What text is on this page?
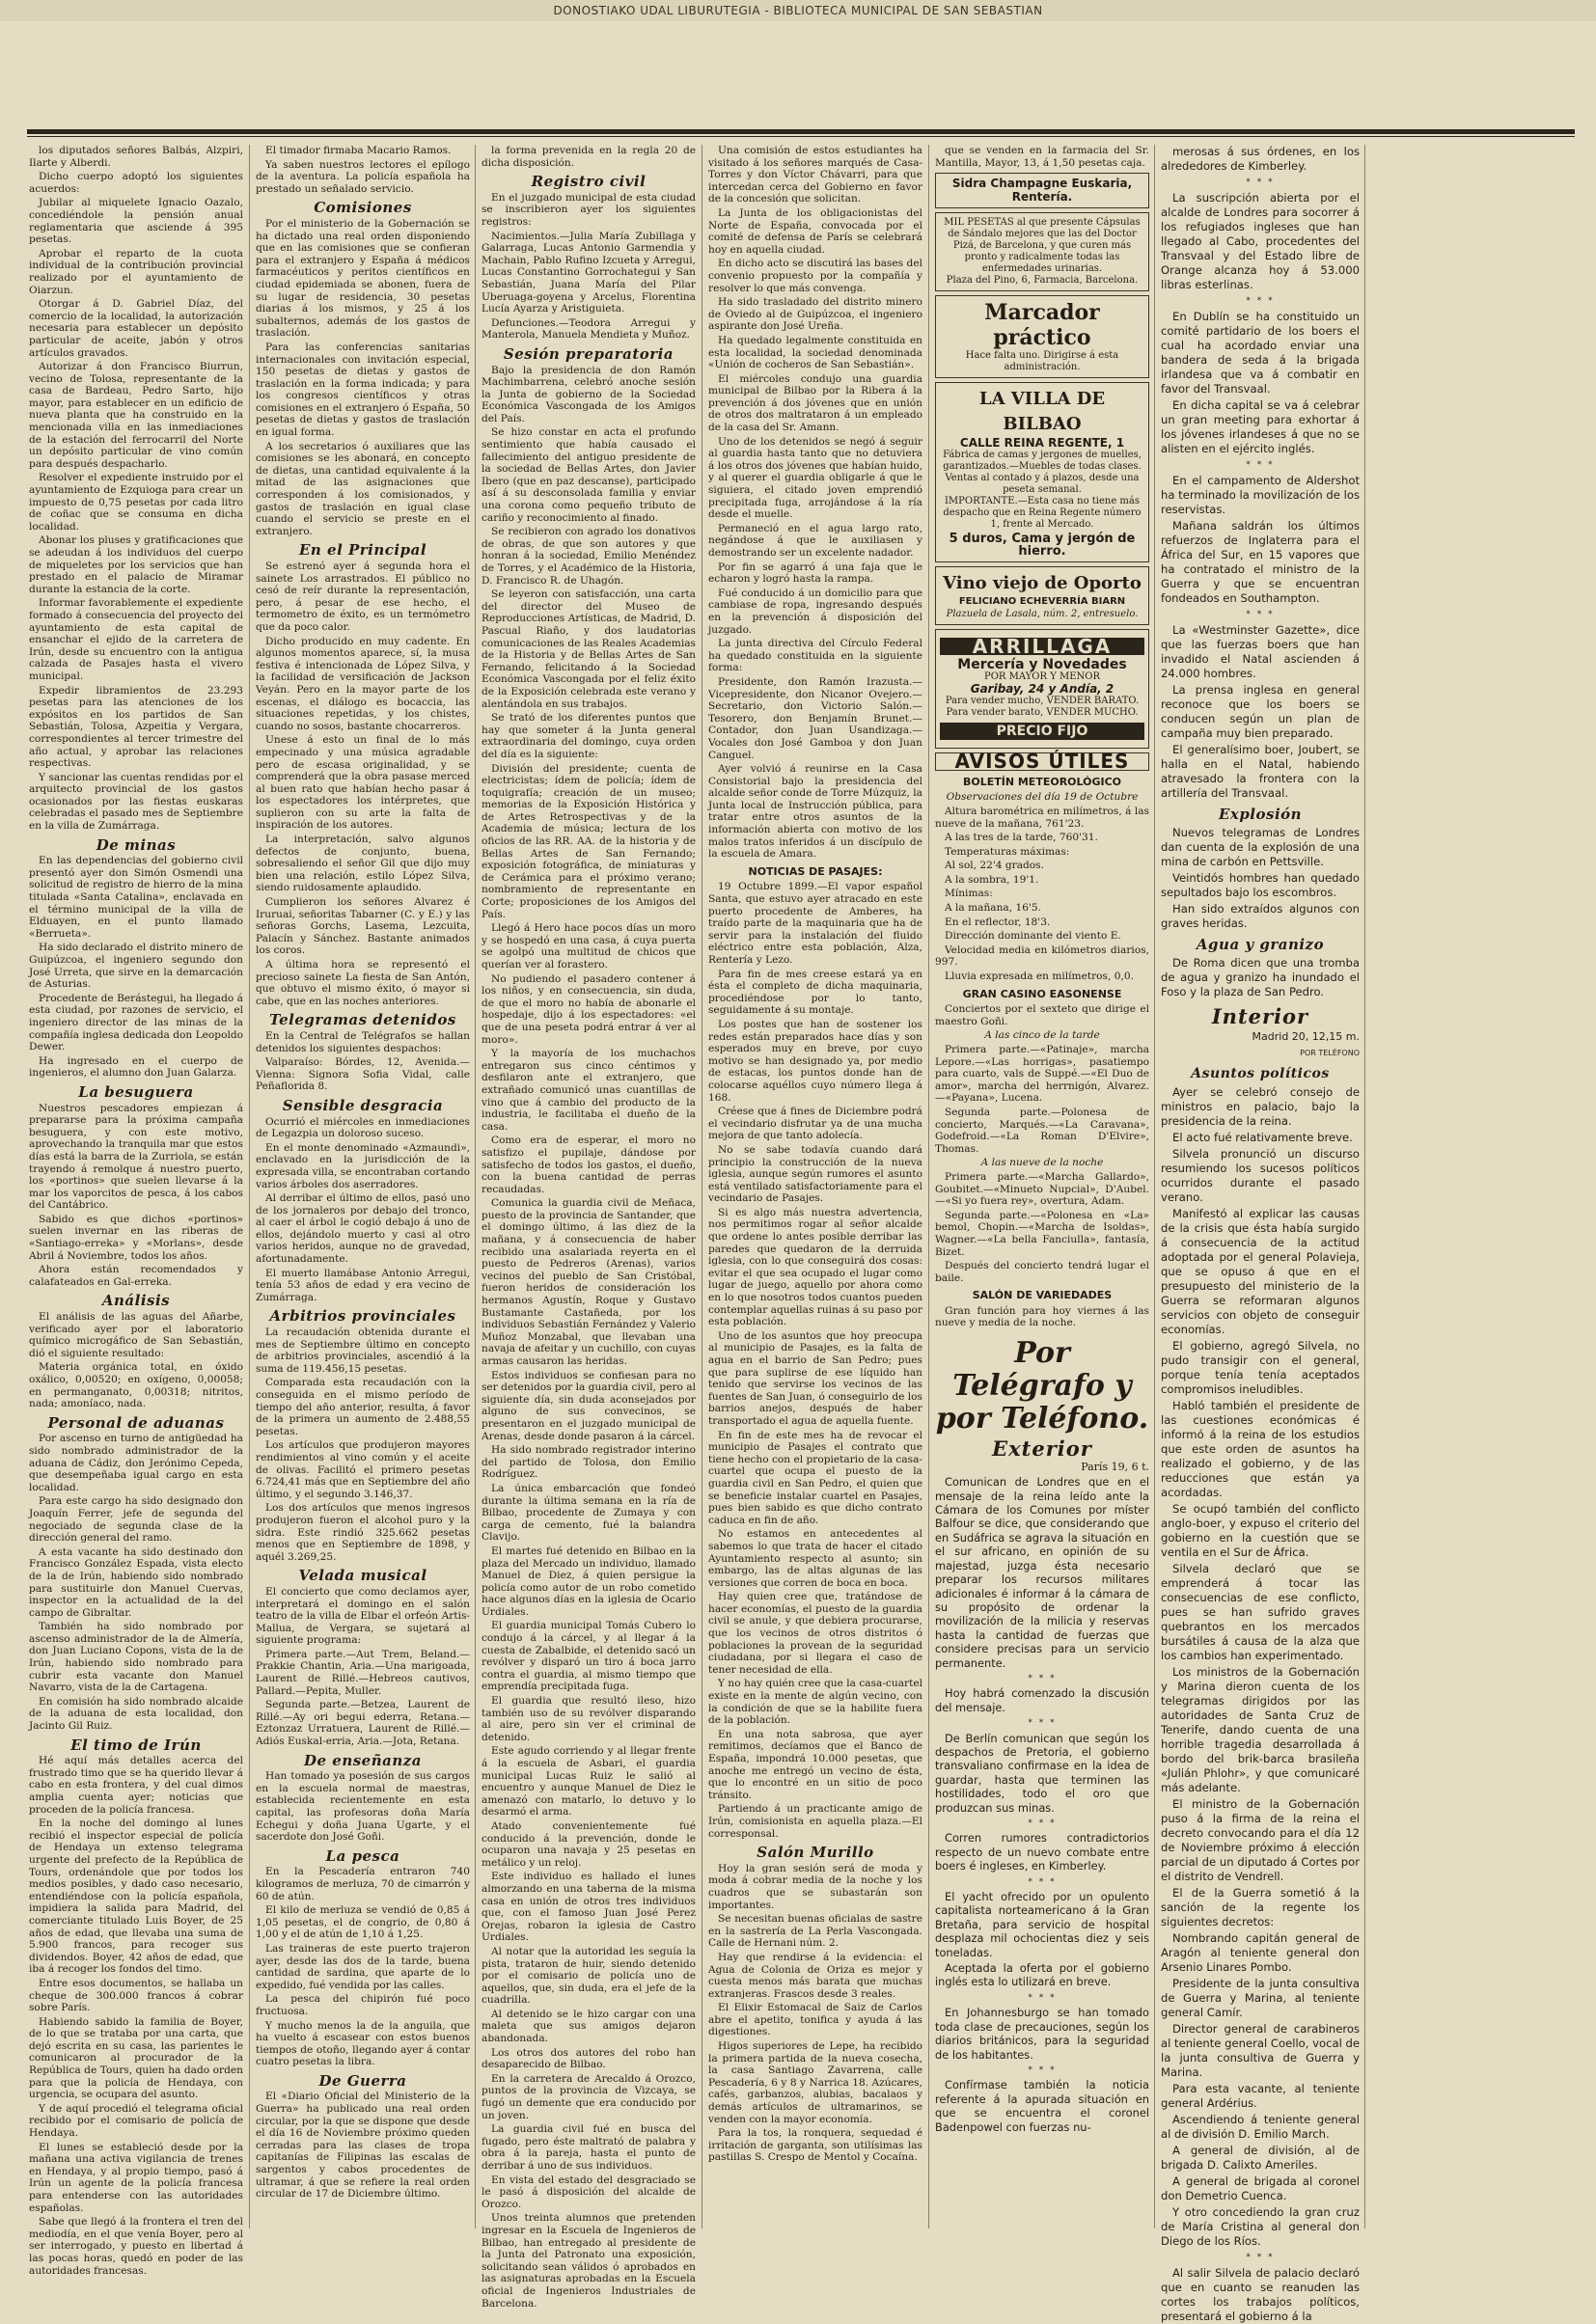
DONOSTIAKO UDAL LIBURUTEGIA - BIBLIOTECA MUNICIPAL DE SAN SEBASTIAN

los diputados señores Balbás, Alzpiri, Ilarte y Alberdi.

Dicho cuerpo adoptó los siguientes acuerdos:

Jubilar al miquelete Ignacio Oazalo, concediéndole la pensión anual reglamentaria que asciende á 395 pesetas.

Aprobar el reparto de la cuota individual de la contribución provincial realizado por el ayuntamiento de Oiarzun.

Otorgar á D. Gabriel Díaz, del comercio de la localidad, la autorización necesaria para establecer un depósito particular de aceite, jabón y otros artículos gravados.

Autorizar á don Francisco Biurrun, vecino de Tolosa, representante de la casa de Bardeau, Pedro Sarto, hijo mayor, para establecer en un edificio de nueva planta que ha construido en la mencionada villa en las inmediaciones de la estación del ferrocarril del Norte un depósito particular de vino común para después despacharlo.

Resolver el expediente instruido por el ayuntamiento de Ezquioga para crear un impuesto de 0,75 pesetas por cada litro de coñac que se consuma en dicha localidad.

Abonar los pluses y gratificaciones que se adeudan á los individuos del cuerpo de miqueletes por los servicios que han prestado en el palacio de Miramar durante la estancia de la corte.

Informar favorablemente el expediente formado á consecuencia del proyecto del ayuntamiento de esta capital de ensanchar el ejido de la carretera de Irún, desde su encuentro con la antigua calzada de Pasajes hasta el vivero municipal.

Expedir libramientos de 23.293 pesetas para las atenciones de los expósitos en los partidos de San Sebastián, Tolosa, Azpeitia y Vergara, correspondientes al tercer trimestre del año actual, y aprobar las relaciones respectivas.

Y sancionar las cuentas rendidas por el arquitecto provincial de los gastos ocasionados por las fiestas euskaras celebradas el pasado mes de Septiembre en la villa de Zumárraga.

De minas

En las dependencias del gobierno civil presentó ayer don Simón Osmendi una solicitud de registro de hierro de la mina titulada «Santa Catalina», enclavada en el término municipal de la villa de Elduayen, en el punto llamado «Berrueta».

Ha sido declarado el distrito minero de Guipúzcoa, el ingeniero segundo don José Urreta, que sirve en la demarcación de Asturias.

Procedente de Berástegui, ha llegado á esta ciudad, por razones de servicio, el ingeniero director de las minas de la compañía inglesa dedicada don Leopoldo Dewer.

Ha ingresado en el cuerpo de ingenieros, el alumno don Juan Galarza.

La besuguera

Nuestros pescadores empiezan á prepararse para la próxima campaña besuguera, y con este motivo, aprovechando la tranquila mar que estos días está la barra de la Zurriola, se están trayendo á remolque á nuestro puerto, los «portinos» que suelen llevarse á la mar los vaporcitos de pesca, á los cabos del Cantábrico.

Sabido es que dichos «portinos» suelen invernar en las riberas de «Santiago-erreka» y «Morlans», desde Abril á Noviembre, todos los años.

Ahora están recomendados y calafateados en Gal-erreka.

Análisis

El análisis de las aguas del Añarbe, verificado ayer por el laboratorio químico microgáfico de San Sebastián, dió el siguiente resultado:

Materia orgánica total, en óxido oxálico, 0,00520; en oxígeno, 0,00058; en permanganato, 0,00318; nitritos, nada; amoníaco, nada.

Personal de aduanas

Por ascenso en turno de antigüedad ha sido nombrado administrador de la aduana de Cádiz, don Jerónimo Cepeda, que desempeñaba igual cargo en esta localidad.

Para este cargo ha sido designado don Joaquín Ferrer, jefe de segunda del negociado de segunda clase de la dirección general del ramo.

A esta vacante ha sido destinado don Francisco González Espada, vista electo de la de Irún, habiendo sido nombrado para sustituirle don Manuel Cuervas, inspector en la actualidad de la del campo de Gibraltar.

También ha sido nombrado por ascenso administrador de la de Almería, don Juan Luciano Copons, vista de la de Irún, habiendo sido nombrado para cubrir esta vacante don Manuel Navarro, vista de la de Cartagena.

En comisión ha sido nombrado alcaide de la aduana de esta localidad, don Jacinto Gil Ruiz.

El timo de Irún

Hé aquí más detalles acerca del frustrado timo que se ha querido llevar á cabo en esta frontera, y del cual dimos amplia cuenta ayer; noticias que proceden de la policía francesa.

En la noche del domingo al lunes recibió el inspector especial de policía de Hendaya un extenso telegrama urgente del prefecto de la República de Tours, ordenándole que por todos los medios posibles, y dado caso necesario, entendiéndose con la policía española, impidiera la salida para Madrid, del comerciante titulado Luis Boyer, de 25 años de edad, que llevaba una suma de 5.900 francos, para recoger sus dividendos. Boyer, 42 años de edad, que iba á recoger los fondos del timo.

Entre esos documentos, se hallaba un cheque de 300.000 francos á cobrar sobre París.

Habiendo sabido la familia de Boyer, de lo que se trataba por una carta, que dejó escrita en su casa, las parientes le comunicaron al procurador de la República de Tours, quien ha dado orden para que la policía de Hendaya, con urgencia, se ocupara del asunto.

Y de aquí procedió el telegrama oficial recibido por el comisario de policía de Hendaya.

El lunes se estableció desde por la mañana una activa vigilancia de trenes en Hendaya, y al propio tiempo, pasó á Irún un agente de la policía francesa para entenderse con las autoridades españolas.

Sabe que llegó á la frontera el tren del mediodía, en el que venía Boyer, pero al ser interrogado, y puesto en libertad á las pocas horas, quedó en poder de las autoridades francesas.

El timador firmaba Macario Ramos.

Ya saben nuestros lectores el epílogo de la aventura. La policía española ha prestado un señalado servicio.

Comisiones

Por el ministerio de la Gobernación se ha dictado una real orden disponiendo que en las comisiones que se confieran para el extranjero y España á médicos farmacéuticos y peritos científicos en ciudad epidemiada se abonen, fuera de su lugar de residencia, 30 pesetas diarias á los mismos, y 25 á los subalternos, además de los gastos de traslación.

Para las conferencias sanitarias internacionales con invitación especial, 150 pesetas de dietas y gastos de traslación en la forma indicada; y para los congresos científicos y otras comisiones en el extranjero ó España, 50 pesetas de dietas y gastos de traslación en igual forma.

A los secretarios ó auxiliares que las comisiones se les abonará, en concepto de dietas, una cantidad equivalente á la mitad de las asignaciones que corresponden á los comisionados, y gastos de traslación en igual clase cuando el servicio se preste en el extranjero.

En el Principal

Se estrenó ayer á segunda hora el sainete Los arrastrados. El público no cesó de reír durante la representación, pero, á pesar de ese hecho, el termometro de éxito, es un termómetro que da poco calor.

Dicho producido en muy cadente. En algunos momentos aparece, sí, la musa festiva é intencionada de López Silva, y la facilidad de versificación de Jackson Veyán. Pero en la mayor parte de los escenas, el diálogo es bocaccia, las situaciones repetidas, y los chistes, cuando no sosos, bastante chocarreros.

Unese á esto un final de lo más empecinado y una música agradable pero de escasa originalidad, y se comprenderá que la obra pasase merced al buen rato que habían hecho pasar á los espectadores los intérpretes, que suplieron con su arte la falta de inspiración de los autores.

La interpretación, salvo algunos defectos de conjunto, buena, sobresaliendo el señor Gil que dijo muy bien una relación, estilo López Silva, siendo ruidosamente aplaudido.

Cumplieron los señores Alvarez é Iruruai, señoritas Tabarner (C. y E.) y las señoras Gorchs, Lasema, Lezcuita, Palacín y Sánchez. Bastante animados los coros.

A última hora se representó el precioso sainete La fiesta de San Antón, que obtuvo el mismo éxito, ó mayor si cabe, que en las noches anteriores.

Telegramas detenidos

En la Central de Telégrafos se hallan detenidos los siguientes despachos:

Valparaíso: Bórdes, 12, Avenida.—Vienna: Signora Sofia Vidal, calle Peñaflorida 8.

Sensible desgracia

Ocurrió el miércoles en inmediaciones de Legazpia un doloroso suceso.

En el monte denominado «Azmaundi», enclavado en la jurisdicción de la expresada villa, se encontraban cortando varios árboles dos aserradores.

Al derribar el último de ellos, pasó uno de los jornaleros por debajo del tronco, al caer el árbol le cogió debajo á uno de ellos, dejándolo muerto y casi al otro varios heridos, aunque no de gravedad, afortunadamente.

El muerto llamábase Antonio Arregui, tenía 53 años de edad y era vecino de Zumárraga.

Arbitrios provinciales

La recaudación obtenida durante el mes de Septiembre último en concepto de arbitrios provinciales, ascendió á la suma de 119.456,15 pesetas.

Comparada esta recaudación con la conseguida en el mismo período de tiempo del año anterior, resulta, á favor de la primera un aumento de 2.488,55 pesetas.

Los artículos que produjeron mayores rendimientos al vino común y el aceite de olivas. Facilitó el primero pesetas 6.724,41 más que en Septiembre del año último, y el segundo 3.146,37.

Los dos artículos que menos ingresos produjeron fueron el alcohol puro y la sidra. Este rindió 325.662 pesetas menos que en Septiembre de 1898, y aquél 3.269,25.

Velada musical

El concierto que como declamos ayer, interpretará el domingo en el salón teatro de la villa de Elbar el orfeón Artis-Mallua, de Vergara, se sujetará al siguiente programa:

Primera parte.—Aut Trem, Beland.—Prakkie Chantin, Aria.—Una marigoada, Laurent de Rillé.—Hebreos cautivos, Pallard.—Pepita, Muller.

Segunda parte.—Betzea, Laurent de Rillé.—Ay ori begui ederra, Retana.—Eztonzaz Urratuera, Laurent de Rillé.—Adiós Euskal-erria, Aria.—Jota, Retana.

De enseñanza

Han tomado ya posesión de sus cargos en la escuela normal de maestras, establecida recientemente en esta capital, las profesoras doña María Echegui y doña Juana Ugarte, y el sacerdote don José Goñi.

La pesca

En la Pescadería entraron 740 kilogramos de merluza, 70 de cimarrón y 60 de atún.

El kilo de merluza se vendió de 0,85 á 1,05 pesetas, el de congrio, de 0,80 á 1,00 y el de atún de 1,10 á 1,25.

Las traineras de este puerto trajeron ayer, desde las dos de la tarde, buena cantidad de sardina, que aparte de lo expedido, fué vendida por las calles.

La pesca del chipirón fué poco fructuosa.

Y mucho menos la de la anguila, que ha vuelto á escasear con estos buenos tiempos de otoño, llegando ayer á contar cuatro pesetas la libra.

De Guerra

El «Diario Oficial del Ministerio de la Guerra» ha publicado una real orden circular, por la que se dispone que desde el día 16 de Noviembre próximo queden cerradas para las clases de tropa capitanías de Filipinas las escalas de sargentos y cabos procedentes de ultramar, á que se refiere la real orden circular de 17 de Diciembre último.

la forma prevenida en la regla 20 de dicha disposición.

Registro civil

En el juzgado municipal de esta ciudad se inscribieron ayer los siguientes registros:

Nacimientos.—Julia María Zubillaga y Galarraga, Lucas Antonio Garmendia y Machain, Pablo Rufino Izcueta y Arregui, Lucas Constantino Gorrochategui y San Sebastián, Juana María del Pilar Uberuaga-goyena y Arcelus, Florentina Lucía Ayarza y Aristiguieta.

Defunciones.—Teodora Arregui y Manterola, Manuela Mendieta y Muñoz.

Sesión preparatoria

Bajo la presidencia de don Ramón Machimbarrena, celebró anoche sesión la Junta de gobierno de la Sociedad Económica Vascongada de los Amigos del País.

Se hizo constar en acta el profundo sentimiento que había causado el fallecimiento del antiguo presidente de la sociedad de Bellas Artes, don Javier Ibero (que en paz descanse), participado así á su desconsolada familia y enviar una corona como pequeño tributo de cariño y reconocimiento al finado.

Se recibieron con agrado los donativos de obras, de que son autores y que honran á la sociedad, Emilio Menéndez de Torres, y el Académico de la Historia, D. Francisco R. de Uhagón.

Se leyeron con satisfacción, una carta del director del Museo de Reproducciones Artísticas, de Madrid, D. Pascual Riaño, y dos laudatorias comunicaciones de las Reales Academias de la Historia y de Bellas Artes de San Fernando, felicitando á la Sociedad Económica Vascongada por el feliz éxito de la Exposición celebrada este verano y alentándola en sus trabajos.

Se trató de los diferentes puntos que hay que someter á la Junta general extraordinaria del domingo, cuya orden del día es la siguiente:

División del presidente; cuenta de electricistas; ídem de policía; ídem de toquigrafía; creación de un museo; memorias de la Exposición Histórica y de Artes Retrospectivas y de la Academia de música; lectura de los oficios de las RR. AA. de la historia y de Bellas Artes de San Fernando; exposición fotográfica, de miniaturas y de Cerámica para el próximo verano; nombramiento de representante en Corte; proposiciones de los Amigos del País.

Llegó á Hero hace pocos días un moro y se hospedó en una casa, á cuya puerta se agolpó una multitud de chicos que querían ver al forastero.

No pudiendo el pasadero contener á los niños, y en consecuencia, sin duda, de que el moro no había de abonarle el hospedaje, dijo á los espectadores: «el que de una peseta podrá entrar á ver al moro».

Y la mayoría de los muchachos entregaron sus cinco céntimos y desfilaron ante el extranjero, que extrañado comunicó unas cuantillas de vino que á cambio del producto de la industria, le facilitaba el dueño de la casa.

Como era de esperar, el moro no satisfizo el pupilaje, dándose por satisfecho de todos los gastos, el dueño, con la buena cantidad de perras recaudadas.

Comunica la guardia civil de Meñaca, puesto de la provincia de Santander, que el domingo último, á las diez de la mañana, y á consecuencia de haber recibido una asalariada reyerta en el puesto de Pedreros (Arenas), varios vecinos del pueblo de San Cristóbal, fueron heridos de consideración los hermanos Agustín, Roque y Gustavo Bustamante Castañeda, por los individuos Sebastián Fernández y Valerio Muñoz Monzabal, que llevaban una navaja de afeitar y un cuchillo, con cuyas armas causaron las heridas.

Estos individuos se confiesan para no ser detenidos por la guardia civil, pero al siguiente día, sin duda aconsejados por alguno de sus convecinos, se presentaron en el juzgado municipal de Arenas, desde donde pasaron á la cárcel.

Ha sido nombrado registrador interino del partido de Tolosa, don Emilio Rodríguez.

La única embarcación que fondeó durante la última semana en la ría de Bilbao, procedente de Zumaya y con carga de cemento, fué la balandra Clavijo.

El martes fué detenido en Bilbao en la plaza del Mercado un individuo, llamado Manuel de Diez, á quien persigue la policía como autor de un robo cometido hace algunos días en la iglesia de Ocario Urdiales.

El guardia municipal Tomás Cubero lo condujo á la cárcel, y al llegar á la cuesta de Zabalbide, el detenido sacó un revólver y disparó un tiro á boca jarro contra el guardia, al mismo tiempo que emprendía precipitada fuga.

El guardia que resultó ileso, hizo también uso de su revólver disparando al aire, pero sin ver el criminal de detenido.

Este agudo corriendo y al llegar frente á la escuela de Asbari, el guardia municipal Lucas Ruiz le salió al encuentro y aunque Manuel de Diez le amenazó con matarlo, lo detuvo y lo desarmó el arma.

Atado convenientemente fué conducido á la prevención, donde le ocuparon una navaja y 25 pesetas en metálico y un reloj.

Este individuo es hallado el lunes almorzando en una taberna de la misma casa en unión de otros tres individuos que, con el famoso Juan José Perez Orejas, robaron la iglesia de Castro Urdiales.

Al notar que la autoridad les seguía la pista, trataron de huir, siendo detenido por el comisario de policía uno de aquellos, que, sin duda, era el jefe de la cuadrilla.

Al detenido se le hizo cargar con una maleta que sus amigos dejaron abandonada.

Los otros dos autores del robo han desaparecido de Bilbao.

En la carretera de Arecaldo á Orozco, puntos de la provincia de Vizcaya, se fugó un demente que era conducido por un joven.

La guardia civil fué en busca del fugado, pero éste maltrató de palabra y obra á la pareja, hasta el punto de derribar á uno de sus individuos.

En vista del estado del desgraciado se le pasó á disposición del alcalde de Orozco.

Unos treinta alumnos que pretenden ingresar en la Escuela de Ingenieros de Bilbao, han entregado al presidente de la Junta del Patronato una exposición, solicitando sean válidos ó aprobados en las asignaturas aprobadas en la Escuela oficial de Ingenieros Industriales de Barcelona.

Una comisión de estos estudiantes ha visitado á los señores marqués de Casa-Torres y don Víctor Chávarri, para que intercedan cerca del Gobierno en favor de la concesión que solicitan.

La Junta de los obligacionistas del Norte de España, convocada por el comité de defensa de París se celebrará hoy en aquella ciudad.

En dicho acto se discutirá las bases del convenio propuesto por la compañía y resolver lo que más convenga.

Ha sido trasladado del distrito minero de Oviedo al de Guipúzcoa, el ingeniero aspirante don José Ureña.

Ha quedado legalmente constituida en esta localidad, la sociedad denominada «Unión de cocheros de San Sebastián».

El miércoles condujo una guardia municipal de Bilbao por la Ribera á la prevención á dos jóvenes que en unión de otros dos maltrataron á un empleado de la casa del Sr. Amann.

Uno de los detenidos se negó á seguir al guardia hasta tanto que no detuviera á los otros dos jóvenes que habían huido, y al querer el guardia obligarle á que le siguiera, el citado joven emprendió precipitada fuga, arrojándose á la ría desde el muelle.

Permaneció en el agua largo rato, negándose á que le auxiliasen y demostrando ser un excelente nadador.

Por fin se agarró á una faja que le echaron y logró hasta la rampa.

Fué conducido á un domicilio para que cambiase de ropa, ingresando después en la prevención á disposición del juzgado.

La junta directiva del Círculo Federal ha quedado constituida en la siguiente forma:

Presidente, don Ramón Irazusta.—Vicepresidente, don Nicanor Ovejero.—Secretario, don Victorio Salón.—Tesorero, don Benjamín Brunet.—Contador, don Juan Usandizaga.—Vocales don José Gamboa y don Juan Canguel.

Ayer volvió á reunirse en la Casa Consistorial bajo la presidencia del alcalde señor conde de Torre Múzquiz, la Junta local de Instrucción pública, para tratar entre otros asuntos de la información abierta con motivo de los malos tratos inferidos á un discípulo de la escuela de Amara.

NOTICIAS DE PASAJES:

19 Octubre 1899.—El vapor español Santa, que estuvo ayer atracado en este puerto procedente de Amberes, ha traído parte de la maquinaria que ha de servir para la instalación del fluido eléctrico entre esta población, Alza, Rentería y Lezo.

Para fin de mes creese estará ya en ésta el completo de dicha maquinaria, procediéndose por lo tanto, seguidamente á su montaje.

Los postes que han de sostener los redes están preparados hace días y son esperados muy en breve, por cuyo motivo se han designado ya, por medio de estacas, los puntos donde han de colocarse aquéllos cuyo número llega á 168.

Créese que á fines de Diciembre podrá el vecindario disfrutar ya de una mucha mejora de que tanto adolecía.

No se sabe todavía cuando dará principio la construcción de la nueva iglesia, aunque según rumores el asunto está ventilado satisfactoriamente para el vecindario de Pasajes.

Si es algo más nuestra advertencia, nos permitimos rogar al señor alcalde que ordene lo antes posible derribar las paredes que quedaron de la derruida iglesia, con lo que conseguirá dos cosas: evitar el que sea ocupado el lugar como lugar de juego, aquello por ahora como en lo que nosotros todos cuantos pueden contemplar aquellas ruinas á su paso por esta población.

Uno de los asuntos que hoy preocupa al municipio de Pasajes, es la falta de agua en el barrio de San Pedro; pues que para suplirse de ese líquido han tenido que servirse los vecinos de las fuentes de San Juan, ó conseguirlo de los barrios anejos, después de haber transportado el agua de aquella fuente.

En fin de este mes ha de revocar el municipio de Pasajes el contrato que tiene hecho con el propietario de la casa-cuartel que ocupa el puesto de la guardia civil en San Pedro, el quien que se beneficie instalar cuartel en Pasajes, pues bien sabido es que dicho contrato caduca en fin de año.

No estamos en antecedentes al sabemos lo que trata de hacer el citado Ayuntamiento respecto al asunto; sin embargo, las de altas algunas de las versiones que corren de boca en boca.

Hay quien cree que, tratándose de hacer economías, el puesto de la guardia civil se anule, y que debiera procurarse, que los vecinos de otros distritos ó poblaciones la provean de la seguridad ciudadana, por si llegara el caso de tener necesidad de ella.

Y no hay quién cree que la casa-cuartel existe en la mente de algún vecino, con la condición de que se la habilite fuera de la población.

En una nota sabrosa, que ayer remitimos, decíamos que el Banco de España, impondrá 10.000 pesetas, que anoche me entregó un vecino de ésta, que lo encontré en un sitio de poco tránsito.

Partiendo á un practicante amigo de Irún, comisionista en aquella plaza.—El corresponsal.

Salón Murillo

Hoy la gran sesión será de moda y moda á cobrar media de la noche y los cuadros que se subastarán son importantes.

Se necesitan buenas oficialas de sastre en la sastrería de La Perla Vascongada. Calle de Hernani núm. 2.

Hay que rendirse á la evidencia: el Agua de Colonia de Oriza es mejor y cuesta menos más barata que muchas extranjeras. Frascos desde 3 reales.

El Elixir Estomacal de Saiz de Carlos abre el apetito, tonifica y ayuda á las digestiones.

Higos superiores de Lepe, ha recibido la primera partida de la nueva cosecha, la casa Santiago Zavarrena, calle Pescadería, 6 y 8 y Narrica 18. Azúcares, cafés, garbanzos, alubias, bacalaos y demás artículos de ultramarinos, se venden con la mayor economía.

Para la tos, la ronquera, sequedad é irritación de garganta, son utilísimas las pastillas S. Crespo de Mentol y Cocaína.

que se venden en la farmacia del Sr. Mantilla, Mayor, 13, á 1,50 pesetas caja.

Sidra Champagne Euskaria, Rentería.
MIL PESETAS al que presente Cápsulas de Sándalo mejores que las del Doctor Pizá, de Barcelona, y que curen más pronto y radicalmente todas las enfermedades urinarias.
Plaza del Pino, 6, Farmacia, Barcelona.
Marcador práctico
Hace falta uno. Dirigirse á esta administración.
LA VILLA DE BILBAO
CALLE REINA REGENTE, 1
Fábrica de camas y jergones de muelles, garantizados.—Muebles de todas clases.
Ventas al contado y á plazos, desde una peseta semanal.
IMPORTANTE.—Esta casa no tiene más despacho que en Reina Regente número 1, frente al Mercado.
5 duros, Cama y jergón de hierro.
Vino viejo de Oporto
FELICIANO ECHEVERRÍA BIARN
Plazuela de Lasala, núm. 2, entresuelo.
ARRILLAGA
Mercería y Novedades
POR MAYOR Y MENOR
Garibay, 24 y Andía, 2
Para vender mucho, VENDER BARATO. Para vender barato, VENDER MUCHO.
PRECIO FIJO
AVISOS ÚTILES
BOLETÍN METEOROLÓGICO

Observaciones del día 19 de Octubre

Altura barométrica en milímetros, á las nueve de la mañana, 761'23.

A las tres de la tarde, 760'31.

Temperaturas máximas:

Al sol, 22'4 grados.

A la sombra, 19'1.

Mínimas:

A la mañana, 16'5.

En el reflector, 18'3.

Dirección dominante del viento E.

Velocidad media en kilómetros diarios, 997.

Lluvia expresada en milímetros, 0,0.

GRAN CASINO EASONENSE

Conciertos por el sexteto que dirige el maestro Goñi.

A las cinco de la tarde

Primera parte.—«Patinaje», marcha Lepore.—«Las horrigas», pasatiempo para cuarto, vals de Suppé.—«El Duo de amor», marcha del herrnigón, Alvarez.—«Payana», Lucena.

Segunda parte.—Polonesa de concierto, Marqués.—«La Caravana», Godefroid.—«La Roman D'Elvire», Thomas.

A las nueve de la noche

Primera parte.—«Marcha Gallardo», Goubitet.—«Minueto Nupcial», D'Aubel.—«Si yo fuera rey», overtura, Adam.

Segunda parte.—«Polonesa en «La» bemol, Chopin.—«Marcha de Isoldas», Wagner.—«La bella Fanciulla», fantasía, Bizet.

Después del concierto tendrá lugar el baile.

SALÓN DE VARIEDADES

Gran función para hoy viernes á las nueve y media de la noche.

Por Telégrafo y por Teléfono.
Exterior
París 19, 6 t.

Comunican de Londres que en el mensaje de la reina leído ante la Cámara de los Comunes por míster Balfour se dice, que considerando que en Sudáfrica se agrava la situación en el sur africano, en opinión de su majestad, juzga ésta necesario preparar los recursos militares adicionales é informar á la cámara de su propósito de ordenar la movilización de la milicia y reservas hasta la cantidad de fuerzas que considere precisas para un servicio permanente.

* * *

Hoy habrá comenzado la discusión del mensaje.

* * *

De Berlín comunican que según los despachos de Pretoria, el gobierno transvaliano confirmase en la idea de guardar, hasta que terminen las hostilidades, todo el oro que produzcan sus minas.

* * *

Corren rumores contradictorios respecto de un nuevo combate entre boers é ingleses, en Kimberley.

* * *

El yacht ofrecido por un opulento capitalista norteamericano á la Gran Bretaña, para servicio de hospital desplaza mil ochocientas diez y seis toneladas.

Aceptada la oferta por el gobierno inglés esta lo utilizará en breve.

* * *

En Johannesburgo se han tomado toda clase de precauciones, según los diarios británicos, para la seguridad de los habitantes.

* * *

Confírmase también la noticia referente á la apurada situación en que se encuentra el coronel Badenpowel con fuerzas nu-

merosas á sus órdenes, en los alrededores de Kimberley.

* * *

La suscripción abierta por el alcalde de Londres para socorrer á los refugiados ingleses que han llegado al Cabo, procedentes del Transvaal y del Estado libre de Orange alcanza hoy á 53.000 libras esterlinas.

* * *

En Dublín se ha constituido un comité partidario de los boers el cual ha acordado enviar una bandera de seda á la brigada irlandesa que va á combatir en favor del Transvaal.

En dicha capital se va á celebrar un gran meeting para exhortar á los jóvenes irlandeses á que no se alisten en el ejército inglés.

* * *

En el campamento de Aldershot ha terminado la movilización de los reservistas.

Mañana saldrán los últimos refuerzos de Inglaterra para el África del Sur, en 15 vapores que ha contratado el ministro de la Guerra y que se encuentran fondeados en Southampton.

* * *

La «Westminster Gazette», dice que las fuerzas boers que han invadido el Natal ascienden á 24.000 hombres.

La prensa inglesa en general reconoce que los boers se conducen según un plan de campaña muy bien preparado.

El generalísimo boer, Joubert, se halla en el Natal, habiendo atravesado la frontera con la artillería del Transvaal.

Explosión

Nuevos telegramas de Londres dan cuenta de la explosión de una mina de carbón en Pettsville.

Veintidós hombres han quedado sepultados bajo los escombros.

Han sido extraídos algunos con graves heridas.

Agua y granizo

De Roma dicen que una tromba de agua y granizo ha inundado el Foso y la plaza de San Pedro.

Interior
Madrid 20, 12,15 m.
POR TELÉFONO
Asuntos políticos

Ayer se celebró consejo de ministros en palacio, bajo la presidencia de la reina.

El acto fué relativamente breve.

Silvela pronunció un discurso resumiendo los sucesos políticos ocurridos durante el pasado verano.

Manifestó al explicar las causas de la crisis que ésta había surgido á consecuencia de la actitud adoptada por el general Polavieja, que se opuso á que en el presupuesto del ministerio de la Guerra se reformaran algunos servicios con objeto de conseguir economías.

El gobierno, agregó Silvela, no pudo transigir con el general, porque tenía tenía aceptados compromisos ineludibles.

Habló también el presidente de las cuestiones económicas é informó á la reina de los estudios que este orden de asuntos ha realizado el gobierno, y de las reducciones que están ya acordadas.

Se ocupó también del conflicto anglo-boer, y expuso el criterio del gobierno en la cuestión que se ventila en el Sur de África.

Silvela declaró que se emprenderá á tocar las consecuencias de ese conflicto, pues se han sufrido graves quebrantos en los mercados bursátiles á causa de la alza que los cambios han experimentado.

Los ministros de la Gobernación y Marina dieron cuenta de los telegramas dirigidos por las autoridades de Santa Cruz de Tenerife, dando cuenta de una horrible tragedia desarrollada á bordo del brik-barca brasileña «Julián Phlohr», y que comunicaré más adelante.

El ministro de la Gobernación puso á la firma de la reina el decreto convocando para el día 12 de Noviembre próximo á elección parcial de un diputado á Cortes por el distrito de Vendrell.

El de la Guerra sometió á la sanción de la regente los siguientes decretos:

Nombrando capitán general de Aragón al teniente general don Arsenio Linares Pombo.

Presidente de la junta consultiva de Guerra y Marina, al teniente general Camír.

Director general de carabineros al teniente general Coello, vocal de la junta consultiva de Guerra y Marina.

Para esta vacante, al teniente general Ardérius.

Ascendiendo á teniente general al de división D. Emilio March.

A general de división, al de brigada D. Calixto Ameriles.

A general de brigada al coronel don Demetrio Cuenca.

Y otro concediendo la gran cruz de María Cristina al general don Diego de los Ríos.

* * *

Al salir Silvela de palacio declaró que en cuanto se reanuden las cortes los trabajos políticos, presentará el gobierno á la
